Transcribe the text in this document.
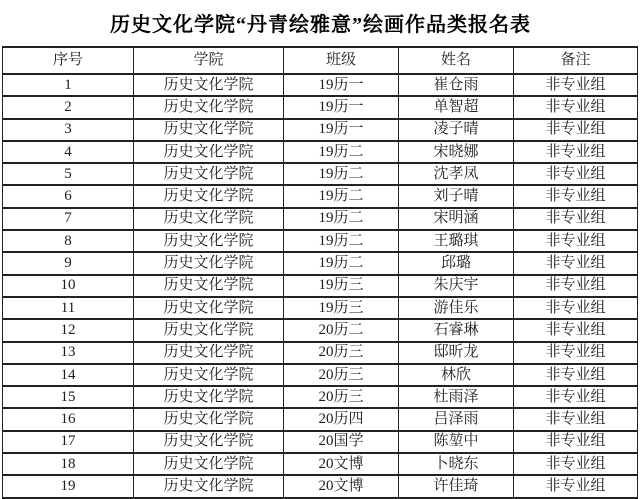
历史文化学院“丹青绘雅意”绘画作品类报名表
序号	学院	班级	姓名	备注
1	历史文化学院	19历一	崔仓雨	非专业组
2	历史文化学院	19历一	单智超	非专业组
3	历史文化学院	19历一	凌子晴	非专业组
4	历史文化学院	19历二	宋晓娜	非专业组
5	历史文化学院	19历二	沈孝凤	非专业组
6	历史文化学院	19历二	刘子晴	非专业组
7	历史文化学院	19历二	宋明涵	非专业组
8	历史文化学院	19历二	王璐琪	非专业组
9	历史文化学院	19历二	邱璐	非专业组
10	历史文化学院	19历三	朱庆宇	非专业组
11	历史文化学院	19历三	游佳乐	非专业组
12	历史文化学院	20历二	石睿琳	非专业组
13	历史文化学院	20历三	邸昕龙	非专业组
14	历史文化学院	20历三	林欣	非专业组
15	历史文化学院	20历三	杜雨泽	非专业组
16	历史文化学院	20历四	吕泽雨	非专业组
17	历史文化学院	20国学	陈堃中	非专业组
18	历史文化学院	20文博	卜晓东	非专业组
19	历史文化学院	20文博	许佳琦	非专业组
